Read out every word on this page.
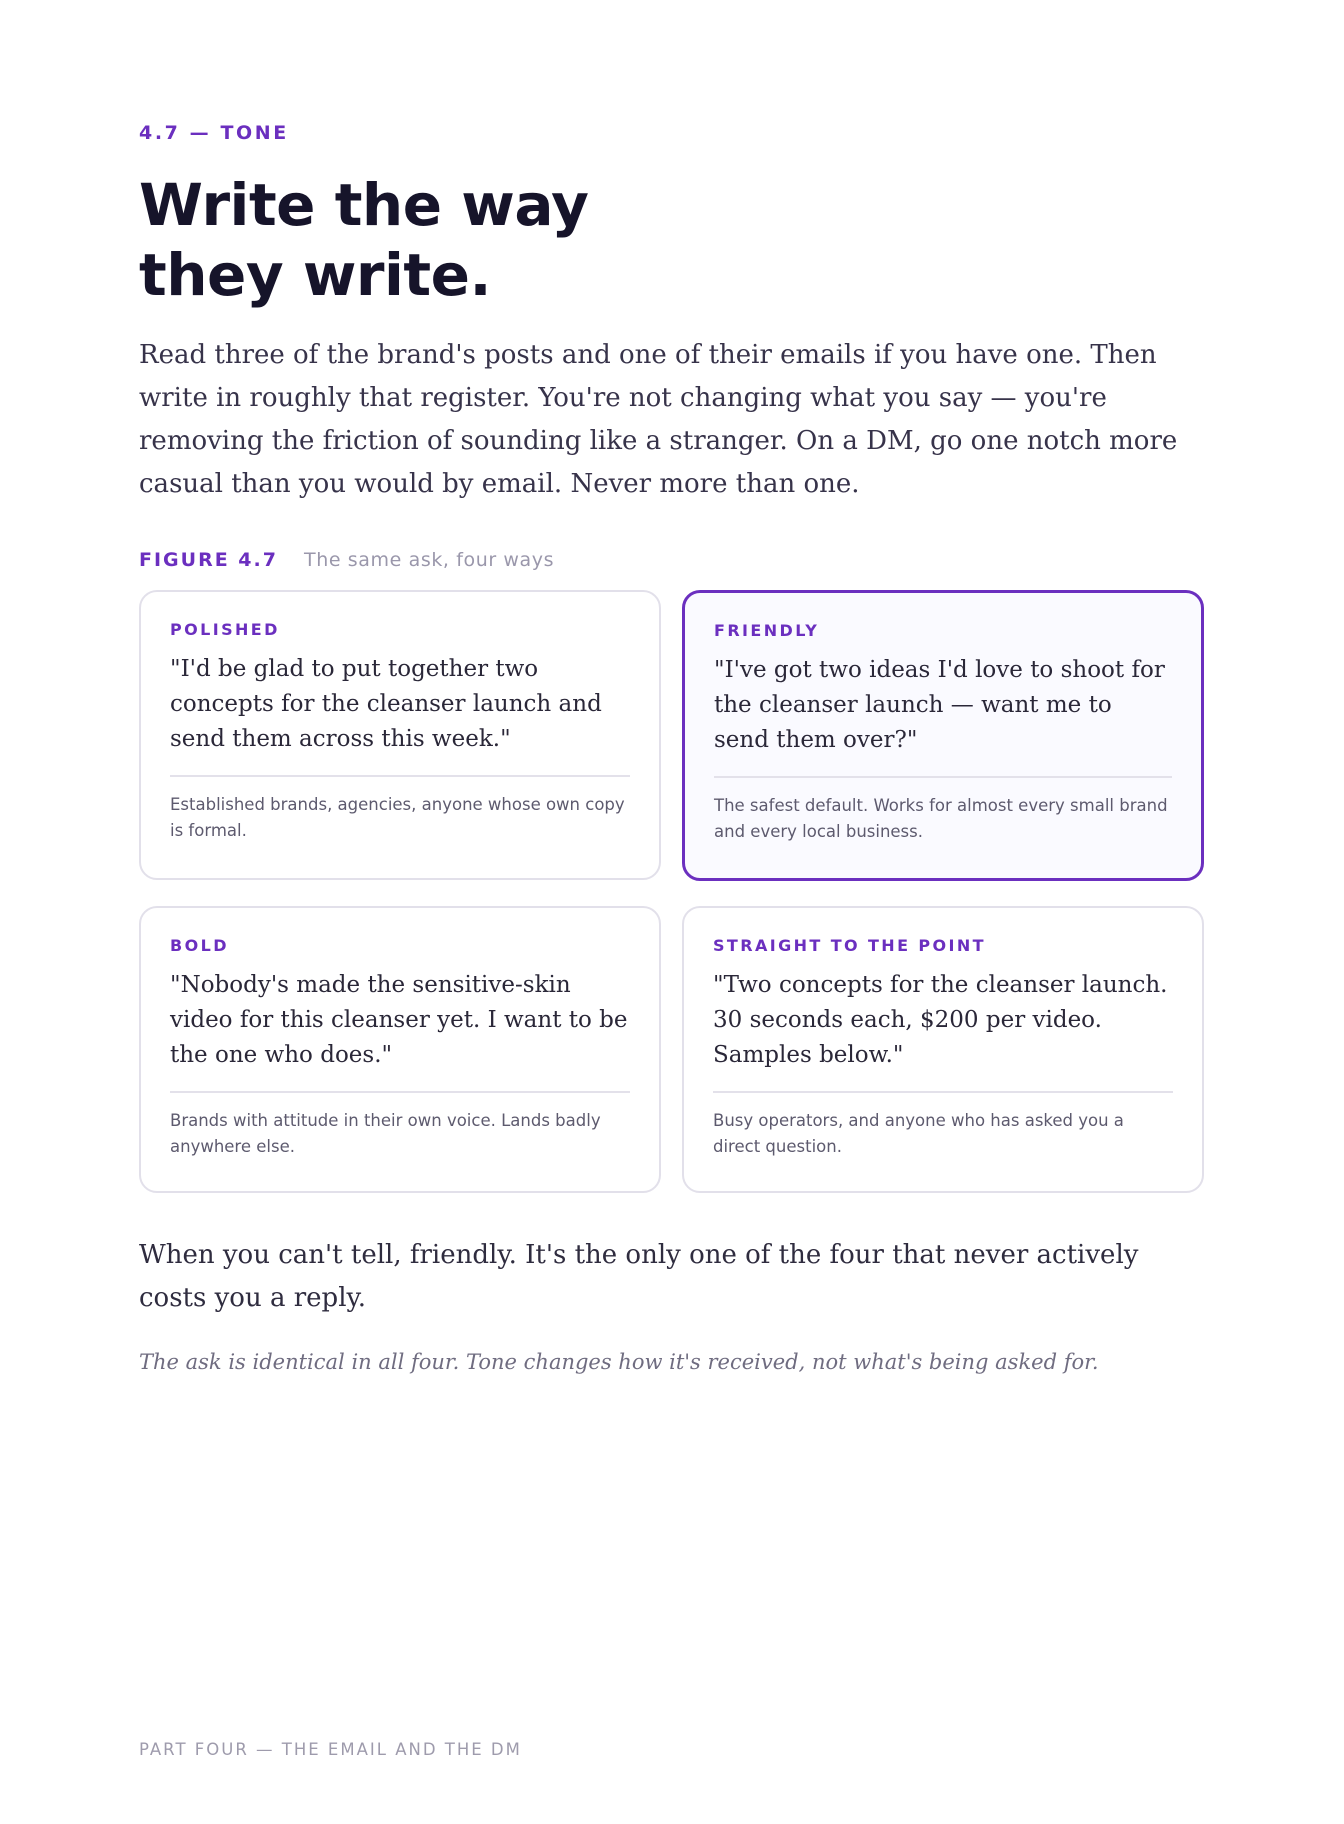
4.7 — TONE
Write the way
they write.

Read three of the brand's posts and one of their emails if you have one. Then write in roughly that register. You're not changing what you say — you're removing the friction of sounding like a stranger. On a DM, go one notch more casual than you would by email. Never more than one.

FIGURE 4.7 The same ask, four ways
POLISHED
"I'd be glad to put together two concepts for the cleanser launch and send them across this week."
Established brands, agencies, anyone whose own copy is formal.
FRIENDLY
"I've got two ideas I'd love to shoot for the cleanser launch — want me to send them over?"
The safest default. Works for almost every small brand and every local business.
BOLD
"Nobody's made the sensitive-skin video for this cleanser yet. I want to be the one who does."
Brands with attitude in their own voice. Lands badly anywhere else.
STRAIGHT TO THE POINT
"Two concepts for the cleanser launch. 30 seconds each, $200 per video. Samples below."
Busy operators, and anyone who has asked you a direct question.

When you can't tell, friendly. It's the only one of the four that never actively costs you a reply.

The ask is identical in all four. Tone changes how it's received, not what's being asked for.

PART FOUR — THE EMAIL AND THE DM
